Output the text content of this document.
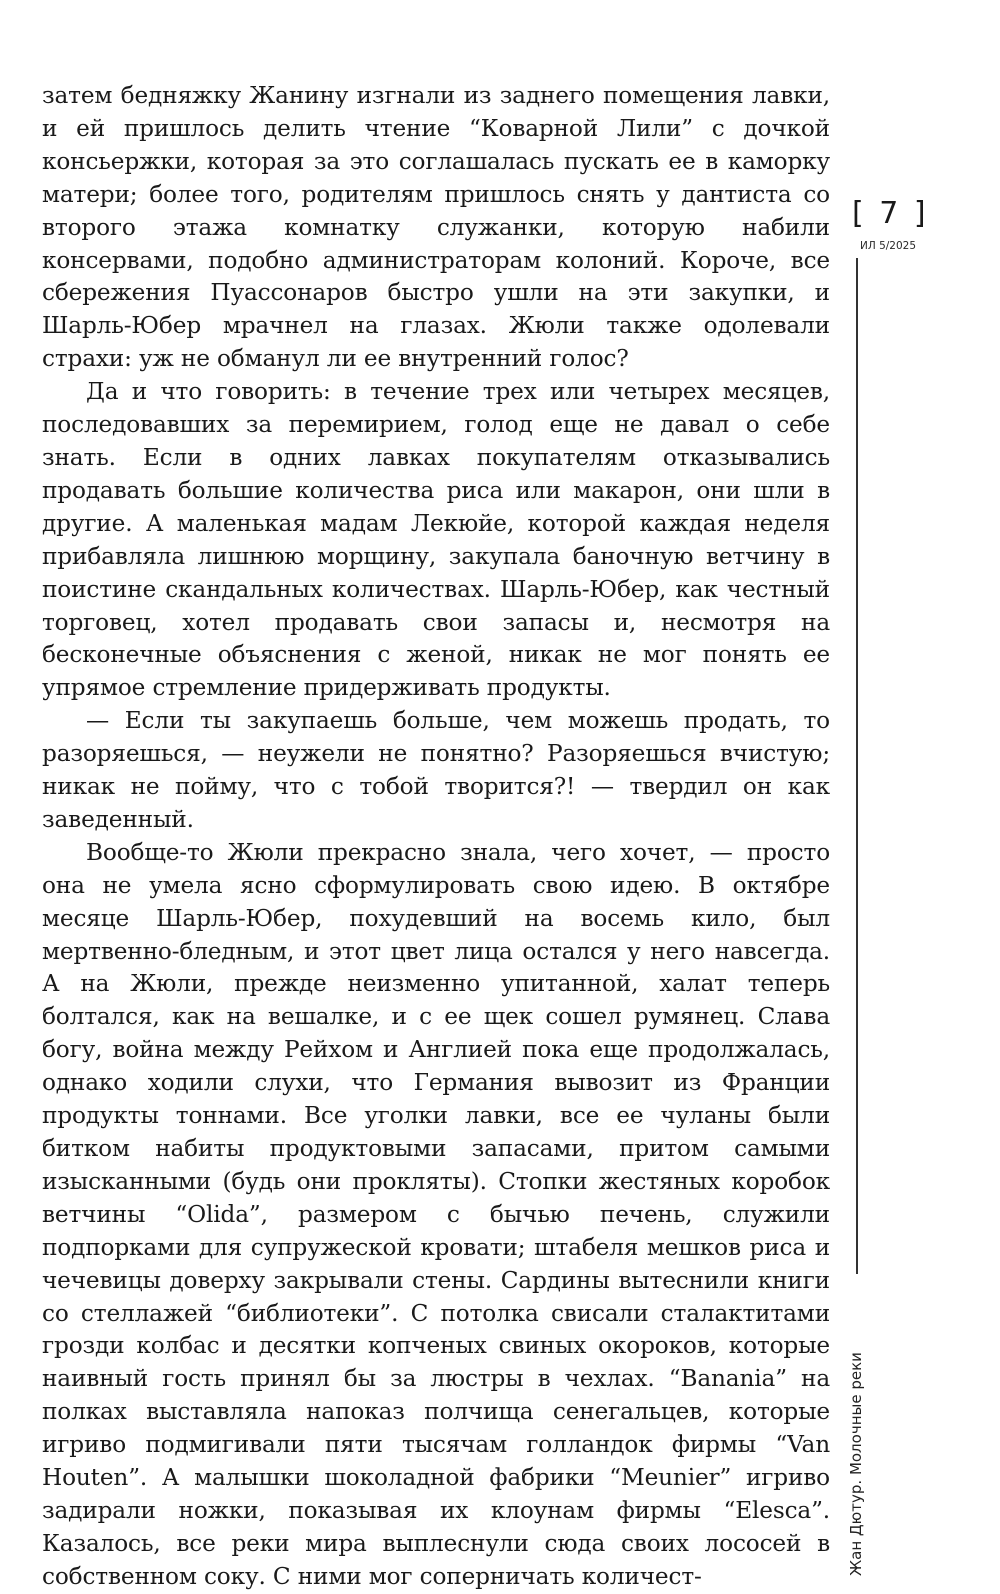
затем бедняжку Жанину изгнали из заднего помещения лавки, и ей пришлось делить чтение “Коварной Лили” с дочкой консьержки, которая за это соглашалась пускать ее в каморку матери; более того, родителям пришлось снять у дантиста со второго этажа комнатку служанки, которую набили консервами, подобно администраторам колоний. Короче, все сбережения Пуассонаров быстро ушли на эти закупки, и Шарль-Юбер мрачнел на глазах. Жюли также одолевали страхи: уж не обманул ли ее внутренний голос?

Да и что говорить: в течение трех или четырех месяцев, последовавших за перемирием, голод еще не давал о себе знать. Если в одних лавках покупателям отказывались продавать большие количества риса или макарон, они шли в другие. А маленькая мадам Лекюйе, которой каждая неделя прибавляла лишнюю морщину, закупала баночную ветчину в поистине скандальных количествах. Шарль-Юбер, как честный торговец, хотел продавать свои запасы и, несмотря на бесконечные объяснения с женой, никак не мог понять ее упрямое стремление придерживать продукты.

— Если ты закупаешь больше, чем можешь продать, то разоряешься, — неужели не понятно? Разоряешься вчистую; никак не пойму, что с тобой творится?! — твердил он как заведенный.

Вообще-то Жюли прекрасно знала, чего хочет, — просто она не умела ясно сформулировать свою идею. В октябре месяце Шарль-Юбер, похудевший на восемь кило, был мертвенно-бледным, и этот цвет лица остался у него навсегда. А на Жюли, прежде неизменно упитанной, халат теперь болтался, как на вешалке, и с ее щек сошел румянец. Слава богу, война между Рейхом и Англией пока еще продолжалась, однако ходили слухи, что Германия вывозит из Франции продукты тоннами. Все уголки лавки, все ее чуланы были битком набиты продуктовыми запасами, притом самыми изысканными (будь они прокляты). Стопки жестяных коробок ветчины “Olida”, размером с бычью печень, служили подпорками для супружеской кровати; штабеля мешков риса и чечевицы доверху закрывали стены. Сардины вытеснили книги со стеллажей “библиотеки”. С потолка свисали сталактитами грозди колбас и десятки копченых свиных окороков, которые наивный гость принял бы за люстры в чехлах. “Banania” на полках выставляла напоказ полчища сенегальцев, которые игриво подмигивали пяти тысячам голландок фирмы “Van Houten”. А малышки шоколадной фабрики “Meunier” игриво задирали ножки, показывая их клоунам фирмы “Elesca”. Казалось, все реки мира выплеснули сюда своих лососей в собственном соку. С ними мог соперничать количест-

[ 7 ]
ИЛ 5/2025
Жан Дютур. Молочные реки
